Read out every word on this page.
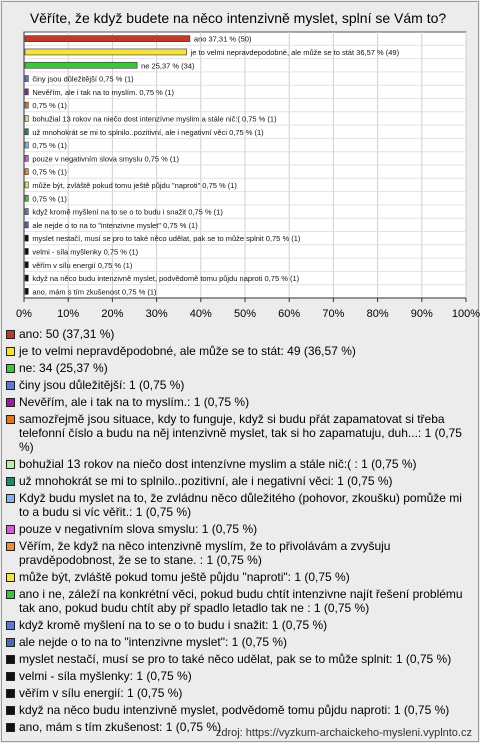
Věříte, že když budete na něco intenzivně myslet, splní se Vám to?
ano 37,31 % (50)
je to velmi nepravdepodobné, ale může se to stát 36,57 % (49)
ne 25,37 % (34)
činy jsou důležitější 0,75 % (1)
Nevěřím, ale i tak na to myslím. 0,75 % (1)
0,75 % (1)
bohužial 13 rokov na niečo dost intenzívne myslim a stále nič:( 0,75 % (1)
už mnohokrát se mi to splnilo..pozitivní, ale i negativní věci 0,75 % (1)
0,75 % (1)
pouze v negativním slova smyslu 0,75 % (1)
0,75 % (1)
může být, zvláště pokud tomu ještě půjdu "naproti" 0,75 % (1)
0,75 % (1)
když kromě myšlení na to se o to budu i snažit 0,75 % (1)
ale nejde o to na to "intenzivne myslet" 0,75 % (1)
myslet nestačí, musí se pro to také něco udělat, pak se to může splnit 0,75 % (1)
velmi - síla myšlenky 0,75 % (1)
věřím v sílu energií 0,75 % (1)
když na něco budu intenzivně myslet, podvědomě tomu půjdu naproti 0,75 % (1)
ano, mám s tím zkušenost 0,75 % (1)
0% 10% 20% 30% 40% 50% 60% 70% 80% 90% 100%
ano: 50 (37,31 %)
je to velmi nepravděpodobné, ale může se to stát: 49 (36,57 %)
ne: 34 (25,37 %)
činy jsou důležitější: 1 (0,75 %)
Nevěřím, ale i tak na to myslím.: 1 (0,75 %)
samozřejmě jsou situace, kdy to funguje, když si budu přát zapamatovat si třeba telefonní číslo a budu na něj intenzivně myslet, tak si ho zapamatuju, duh...: 1 (0,75 %)
bohužial 13 rokov na niečo dost intenzívne myslim a stále nič:( : 1 (0,75 %)
už mnohokrát se mi to splnilo..pozitivní, ale i negativní věci: 1 (0,75 %)
Když budu myslet na to, že zvládnu něco důležitého (pohovor, zkoušku) pomůže mi to a budu si víc věřit.: 1 (0,75 %)
pouze v negativním slova smyslu: 1 (0,75 %)
Věřím, že když na něco intenzivně myslím, že to přivolávám a zvyšuju pravděpodobnost, že se to stane. : 1 (0,75 %)
může být, zvláště pokud tomu ještě půjdu "naproti": 1 (0,75 %)
ano i ne, záleží na konkrétní věci, pokud budu chtít intenzivne najít řešení problému tak ano, pokud budu chtít aby př spadlo letadlo tak ne : 1 (0,75 %)
když kromě myšlení na to se o to budu i snažit: 1 (0,75 %)
ale nejde o to na to "intenzivne myslet": 1 (0,75 %)
myslet nestačí, musí se pro to také něco udělat, pak se to může splnit: 1 (0,75 %)
velmi - síla myšlenky: 1 (0,75 %)
věřím v sílu energií: 1 (0,75 %)
když na něco budu intenzivně myslet, podvědomě tomu půjdu naproti: 1 (0,75 %)
ano, mám s tím zkušenost: 1 (0,75 %)
zdroj: https://vyzkum-archaickeho-mysleni.vyplnto.cz
